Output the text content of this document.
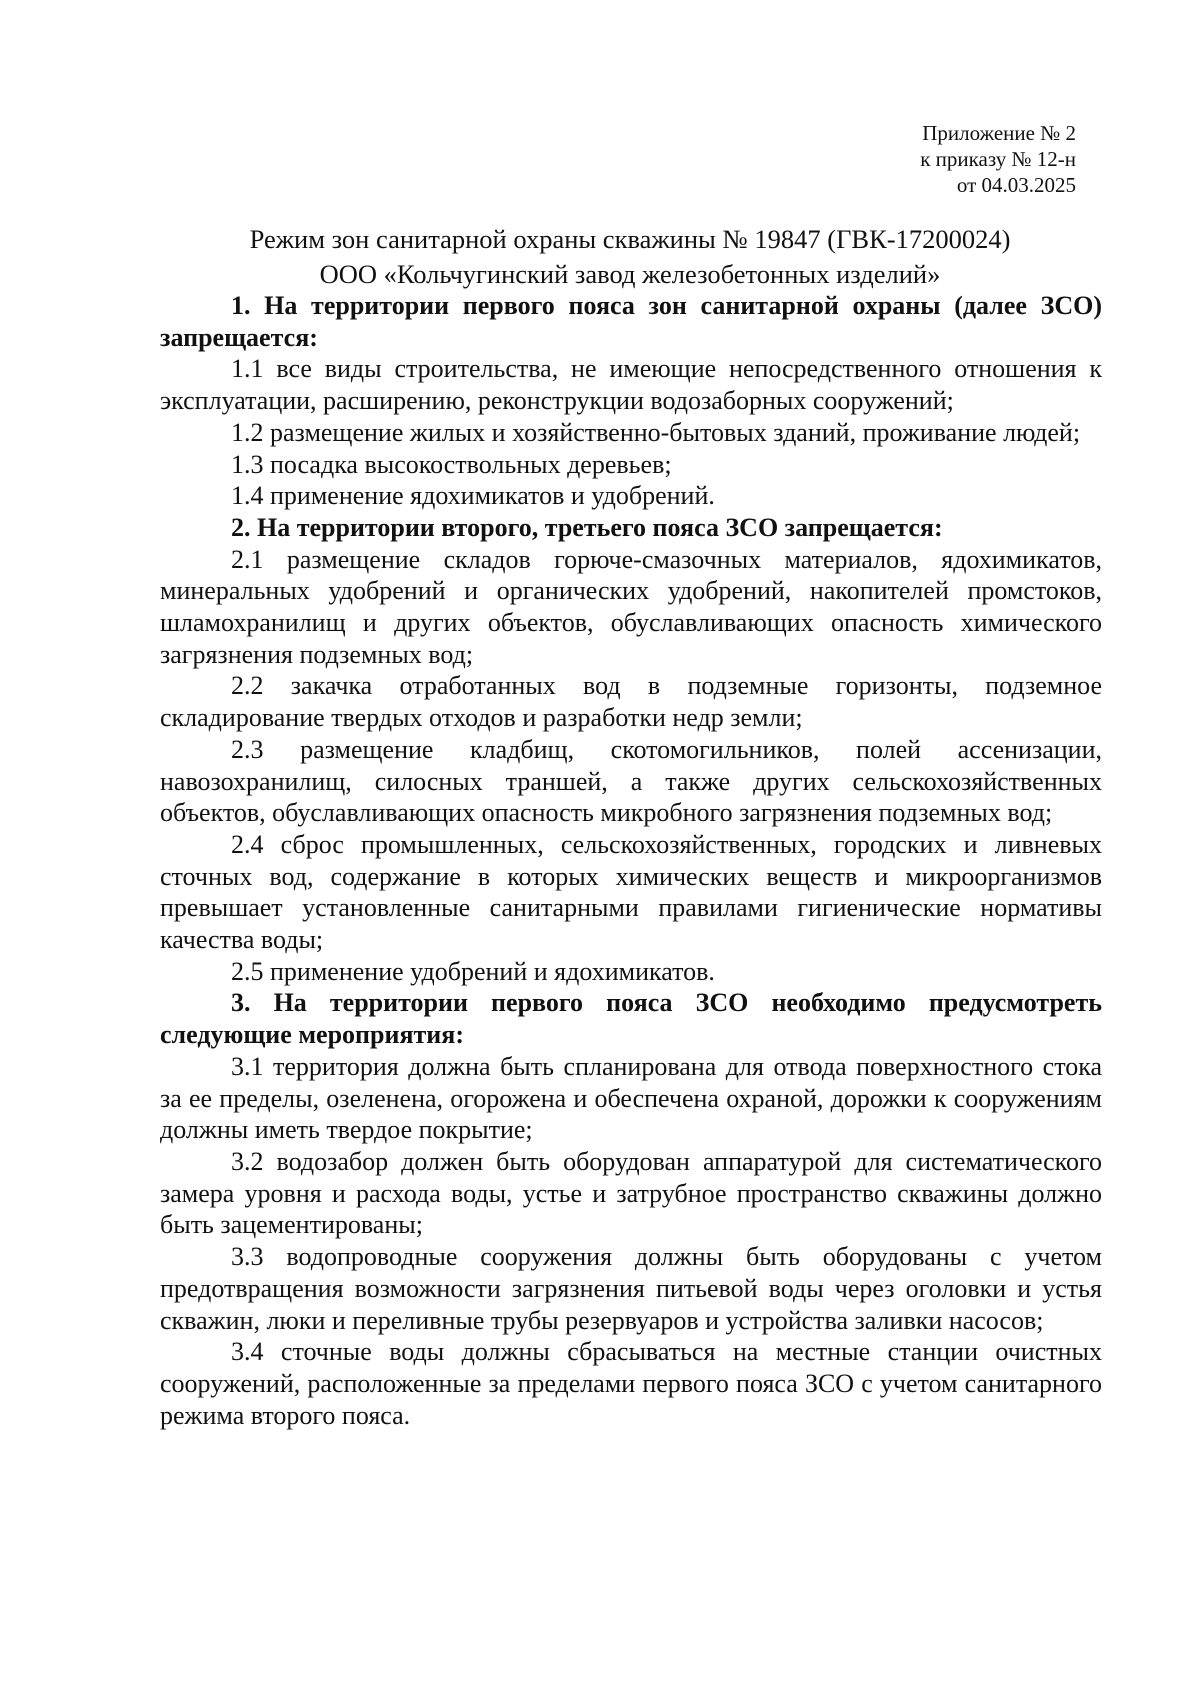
Приложение № 2
к приказу № 12-н
от 04.03.2025
Режим зон санитарной охраны скважины № 19847 (ГВК-17200024)
ООО «Кольчугинский завод железобетонных изделий»

1. На территории первого пояса зон санитарной охраны (далее ЗСО) запрещается:

1.1 все виды строительства, не имеющие непосредственного отношения к эксплуатации, расширению, реконструкции водозаборных сооружений;

1.2 размещение жилых и хозяйственно-бытовых зданий, проживание людей;

1.3 посадка высокоствольных деревьев;

1.4 применение ядохимикатов и удобрений.

2. На территории второго, третьего пояса ЗСО запрещается:

2.1 размещение складов горюче-смазочных материалов, ядохимикатов, минеральных удобрений и органических удобрений, накопителей промстоков, шламохранилищ и других объектов, обуславливающих опасность химического загрязнения подземных вод;

2.2 закачка отработанных вод в подземные горизонты, подземное складирование твердых отходов и разработки недр земли;

2.3 размещение кладбищ, скотомогильников, полей ассенизации, навозохранилищ, силосных траншей, а также других сельскохозяйственных объектов, обуславливающих опасность микробного загрязнения подземных вод;

2.4 сброс промышленных, сельскохозяйственных, городских и ливневых сточных вод, содержание в которых химических веществ и микроорганизмов превышает установленные санитарными правилами гигиенические нормативы качества воды;

2.5 применение удобрений и ядохимикатов.

3. На территории первого пояса ЗСО необходимо предусмотреть следующие мероприятия:

3.1 территория должна быть спланирована для отвода поверхностного стока за ее пределы, озеленена, огорожена и обеспечена охраной, дорожки к сооружениям должны иметь твердое покрытие;

3.2 водозабор должен быть оборудован аппаратурой для систематического замера уровня и расхода воды, устье и затрубное пространство скважины должно быть зацементированы;

3.3 водопроводные сооружения должны быть оборудованы с учетом предотвращения возможности загрязнения питьевой воды через оголовки и устья скважин, люки и переливные трубы резервуаров и устройства заливки насосов;

3.4 сточные воды должны сбрасываться на местные станции очистных сооружений, расположенные за пределами первого пояса ЗСО с учетом санитарного режима второго пояса.
